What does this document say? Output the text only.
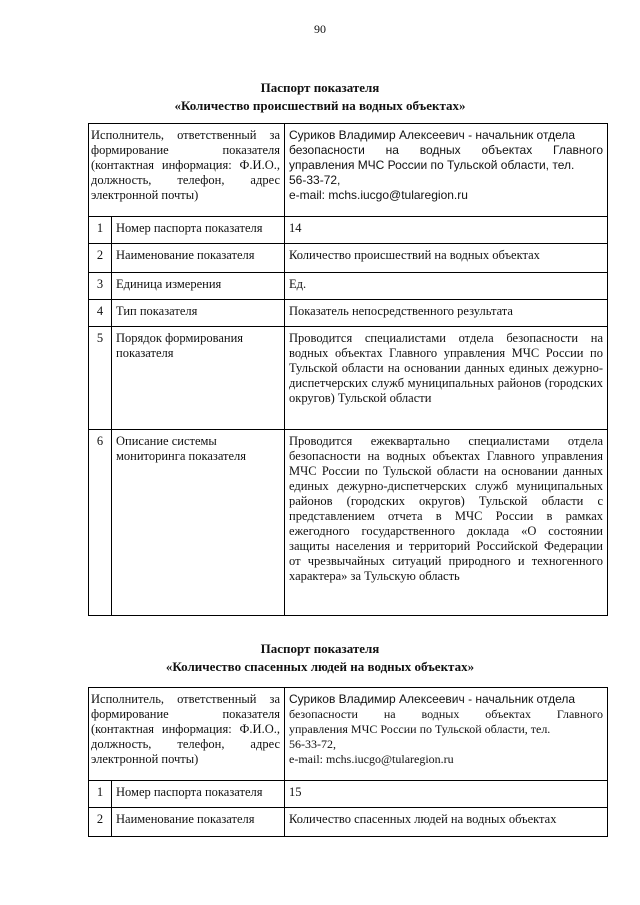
90
Паспорт показателя
«Количество происшествий на водных объектах»
Исполнитель, ответственный за формирование показателя (контактная информация: Ф.И.О., должность, телефон, адрес электронной почты)		Суриков Владимир Алексеевич - начальник отдела
безопасности на водных объектах Главного
управления МЧС России по Тульской области, тел.
56-33-72,
e-mail: mchs.iucgo@tularegion.ru

1	Номер паспорта показателя	14
2	Наименование показателя	Количество происшествий на водных объектах
3	Единица измерения	Ед.
4	Тип показателя	Показатель непосредственного результата
5	Порядок формирования показателя	Проводится специалистами отдела безопасности на водных объектах Главного управления МЧС России по Тульской области на основании данных единых дежурно-диспетчерских служб муниципальных районов (городских округов) Тульской области
6	Описание системы мониторинга показателя	Проводится ежеквартально специалистами отдела безопасности на водных объектах Главного управления МЧС России по Тульской области на основании данных единых дежурно-диспетчерских служб муниципальных районов (городских округов) Тульской области с представлением отчета в МЧС России в рамках ежегодного государственного доклада «О состоянии защиты населения и территорий Российской Федерации от чрезвычайных ситуаций природного и техногенного характера» за Тульскую область
Паспорт показателя
«Количество спасенных людей на водных объектах»
Исполнитель, ответственный за формирование показателя (контактная информация: Ф.И.О., должность, телефон, адрес электронной почты)		Суриков Владимир Алексеевич - начальник отдела
безопасности на водных объектах Главного
управления МЧС России по Тульской области, тел.
56-33-72,
e-mail: mchs.iucgo@tularegion.ru

1	Номер паспорта показателя	15
2	Наименование показателя	Количество спасенных людей на водных объектах
